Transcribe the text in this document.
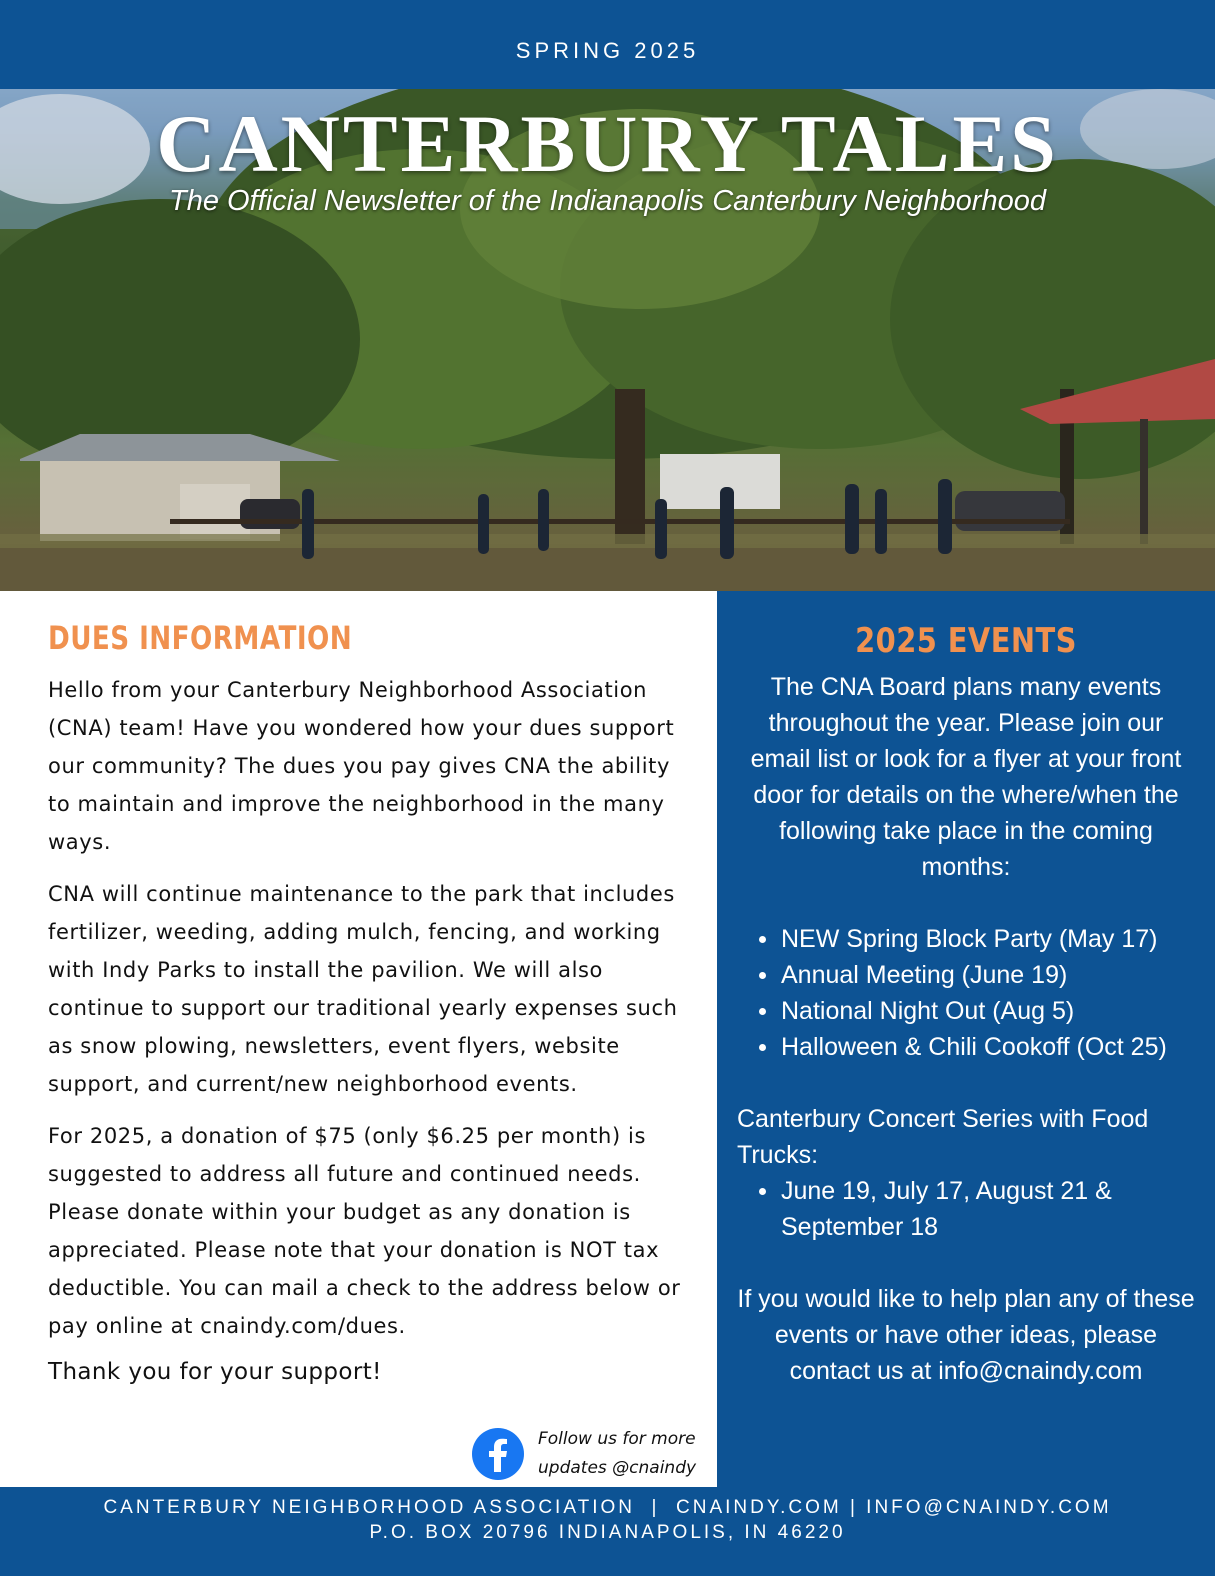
SPRING 2025
CANTERBURY TALES
The Official Newsletter of the Indianapolis Canterbury Neighborhood
DUES INFORMATION

Hello from your Canterbury Neighborhood Association (CNA) team! Have you wondered how your dues support our community? The dues you pay gives CNA the ability to maintain and improve the neighborhood in the many ways.

CNA will continue maintenance to the park that includes fertilizer, weeding, adding mulch, fencing, and working with Indy Parks to install the pavilion. We will also continue to support our traditional yearly expenses such as snow plowing, newsletters, event flyers, website support, and current/new neighborhood events.

For 2025, a donation of $75 (only $6.25 per month) is suggested to address all future and continued needs. Please donate within your budget as any donation is appreciated. Please note that your donation is NOT tax deductible. You can mail a check to the address below or pay online at cnaindy.com/dues.

Thank you for your support!
Follow us for more
updates @cnaindy
2025 EVENTS

The CNA Board plans many events throughout the year. Please join our email list or look for a flyer at your front door for details on the where/when the following take place in the coming months:

NEW Spring Block Party (May 17)
Annual Meeting (June 19)
National Night Out (Aug 5)
Halloween & Chili Cookoff (Oct 25)
Canterbury Concert Series with Food Trucks:
June 19, July 17, August 21 & September 18

If you would like to help plan any of these events or have other ideas, please contact us at info@cnaindy.com

CANTERBURY NEIGHBORHOOD ASSOCIATION  |  CNAINDY.COM | INFO@CNAINDY.COM
P.O. BOX 20796 INDIANAPOLIS, IN 46220
